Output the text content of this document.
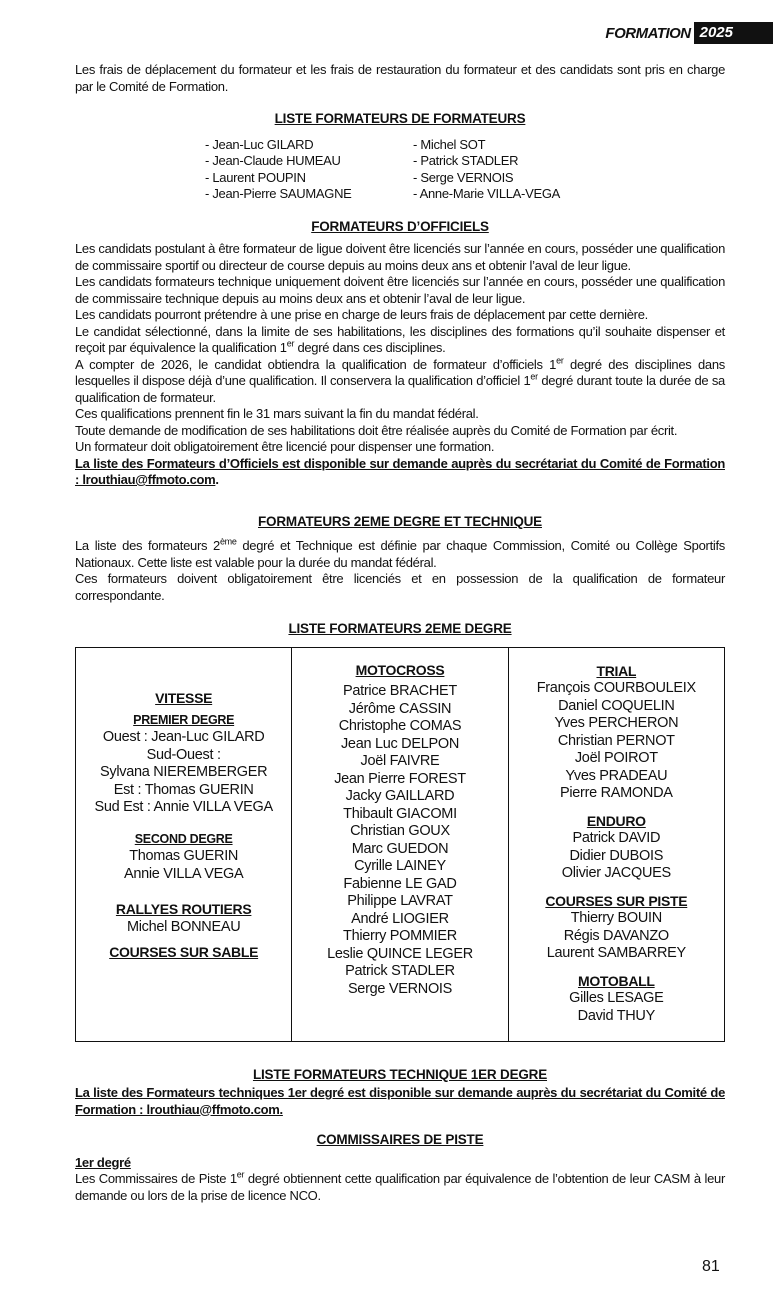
FORMATION 2025

Les frais de déplacement du formateur et les frais de restauration du formateur et des candidats sont pris en charge par le Comité de Formation.

LISTE FORMATEURS DE FORMATEURS
- Jean-Luc GILARD
- Jean-Claude HUMEAU
- Laurent POUPIN
- Jean-Pierre SAUMAGNE
- Michel SOT
- Patrick STADLER
- Serge VERNOIS
- Anne-Marie VILLA-VEGA
FORMATEURS D’OFFICIELS

Les candidats postulant à être formateur de ligue doivent être licenciés sur l’année en cours, posséder une qualification de commissaire sportif ou directeur de course depuis au moins deux ans et obtenir l’aval de leur ligue.

Les candidats formateurs technique uniquement doivent être licenciés sur l’année en cours, posséder une qualification de commissaire technique depuis au moins deux ans et obtenir l’aval de leur ligue.

Les candidats pourront prétendre à une prise en charge de leurs frais de déplacement par cette dernière.

Le candidat sélectionné, dans la limite de ses habilitations, les disciplines des formations qu’il souhaite dispenser et reçoit par équivalence la qualification 1er degré dans ces disciplines.

A compter de 2026, le candidat obtiendra la qualification de formateur d’officiels 1er degré des disciplines dans lesquelles il dispose déjà d’une qualification. Il conservera la qualification d’officiel 1er degré durant toute la durée de sa qualification de formateur.

Ces qualifications prennent fin le 31 mars suivant la fin du mandat fédéral.

Toute demande de modification de ses habilitations doit être réalisée auprès du Comité de Formation par écrit.

Un formateur doit obligatoirement être licencié pour dispenser une formation.

La liste des Formateurs d’Officiels est disponible sur demande auprès du secrétariat du Comité de Formation : lrouthiau@ffmoto.com.

FORMATEURS 2EME DEGRE ET TECHNIQUE

La liste des formateurs 2ème degré et Technique est définie par chaque Commission, Comité ou Collège Sportifs Nationaux. Cette liste est valable pour la durée du mandat fédéral.

Ces formateurs doivent obligatoirement être licenciés et en possession de la qualification de formateur correspondante.

LISTE FORMATEURS 2EME DEGRE
VITESSE
PREMIER DEGRE
Ouest : Jean-Luc GILARD
Sud-Ouest :
Sylvana NIEREMBERGER
Est : Thomas GUERIN
Sud Est : Annie VILLA VEGA
SECOND DEGRE
Thomas GUERIN
Annie VILLA VEGA
RALLYES ROUTIERS
Michel BONNEAU
COURSES SUR SABLE
MOTOCROSS
Patrice BRACHET
Jérôme CASSIN
Christophe COMAS
Jean Luc DELPON
Joël FAIVRE
Jean Pierre FOREST
Jacky GAILLARD
Thibault GIACOMI
Christian GOUX
Marc GUEDON
Cyrille LAINEY
Fabienne LE GAD
Philippe LAVRAT
André LIOGIER
Thierry POMMIER
Leslie QUINCE LEGER
Patrick STADLER
Serge VERNOIS
TRIAL
François COURBOULEIX
Daniel COQUELIN
Yves PERCHERON
Christian PERNOT
Joël POIROT
Yves PRADEAU
Pierre RAMONDA
ENDURO
Patrick DAVID
Didier DUBOIS
Olivier JACQUES
COURSES SUR PISTE
Thierry BOUIN
Régis DAVANZO
Laurent SAMBARREY
MOTOBALL
Gilles LESAGE
David THUY
LISTE FORMATEURS TECHNIQUE 1ER DEGRE

La liste des Formateurs techniques 1er degré est disponible sur demande auprès du secrétariat du Comité de Formation : lrouthiau@ffmoto.com.

COMMISSAIRES DE PISTE
1er degré

Les Commissaires de Piste 1er degré obtiennent cette qualification par équivalence de l’obtention de leur CASM à leur demande ou lors de la prise de licence NCO.

81
